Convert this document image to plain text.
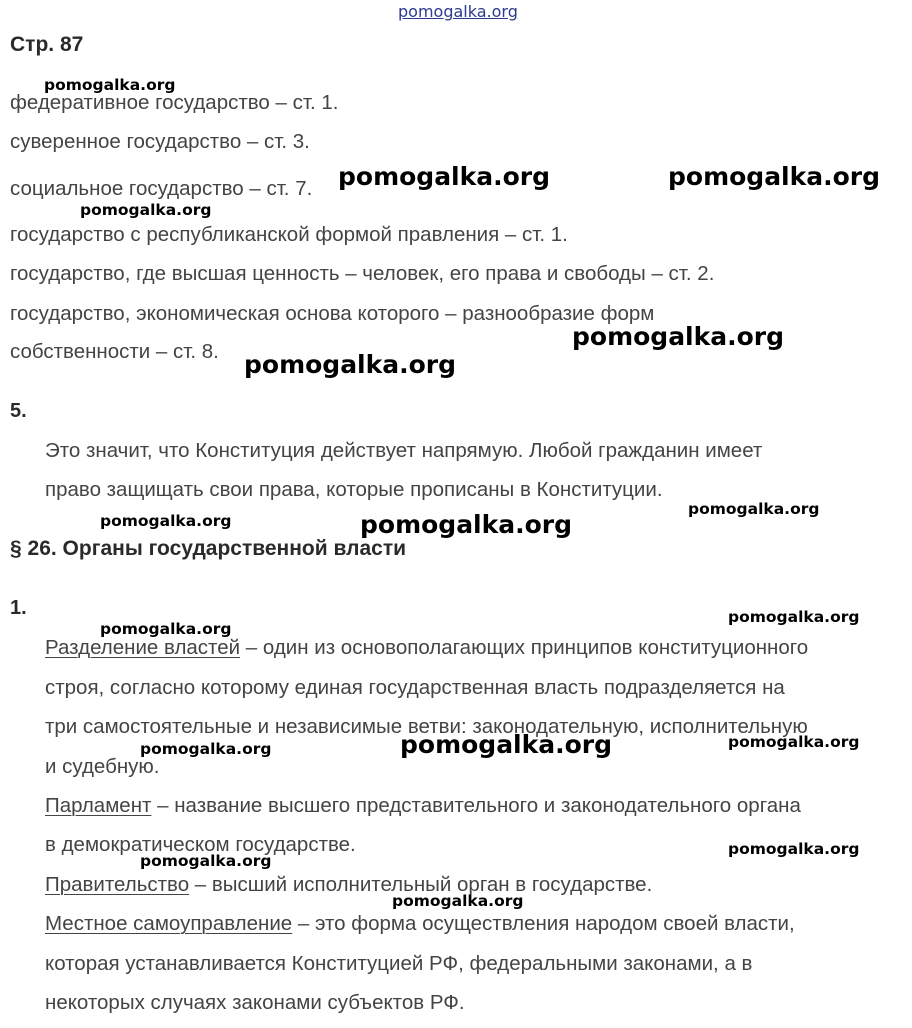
pomogalka.org
Стр. 87
федеративное государство – ст. 1.
суверенное государство – ст. 3.
социальное государство – ст. 7.
государство с республиканской формой правления – ст. 1.
государство, где высшая ценность – человек, его права и свободы – ст. 2.
государство, экономическая основа которого – разнообразие форм
собственности – ст. 8.
5.
Это значит, что Конституция действует напрямую. Любой гражданин имеет
право защищать свои права, которые прописаны в Конституции.
§ 26. Органы государственной власти
1.
Разделение властей – один из основополагающих принципов конституционного
строя, согласно которому единая государственная власть подразделяется на
три самостоятельные и независимые ветви: законодательную, исполнительную
и судебную.
Парламент – название высшего представительного и законодательного органа
в демократическом государстве.
Правительство – высший исполнительный орган в государстве.
Местное самоуправление – это форма осуществления народом своей власти,
которая устанавливается Конституцией РФ, федеральными законами, а в
некоторых случаях законами субъектов РФ.
pomogalka.org
pomogalka.org	pomogalka.org
pomogalka.org
pomogalka.org
pomogalka.org
pomogalka.org	pomogalka.org
pomogalka.org
pomogalka.org
pomogalka.org
pomogalka.org	pomogalka.org	pomogalka.org
pomogalka.org
pomogalka.org
pomogalka.org
